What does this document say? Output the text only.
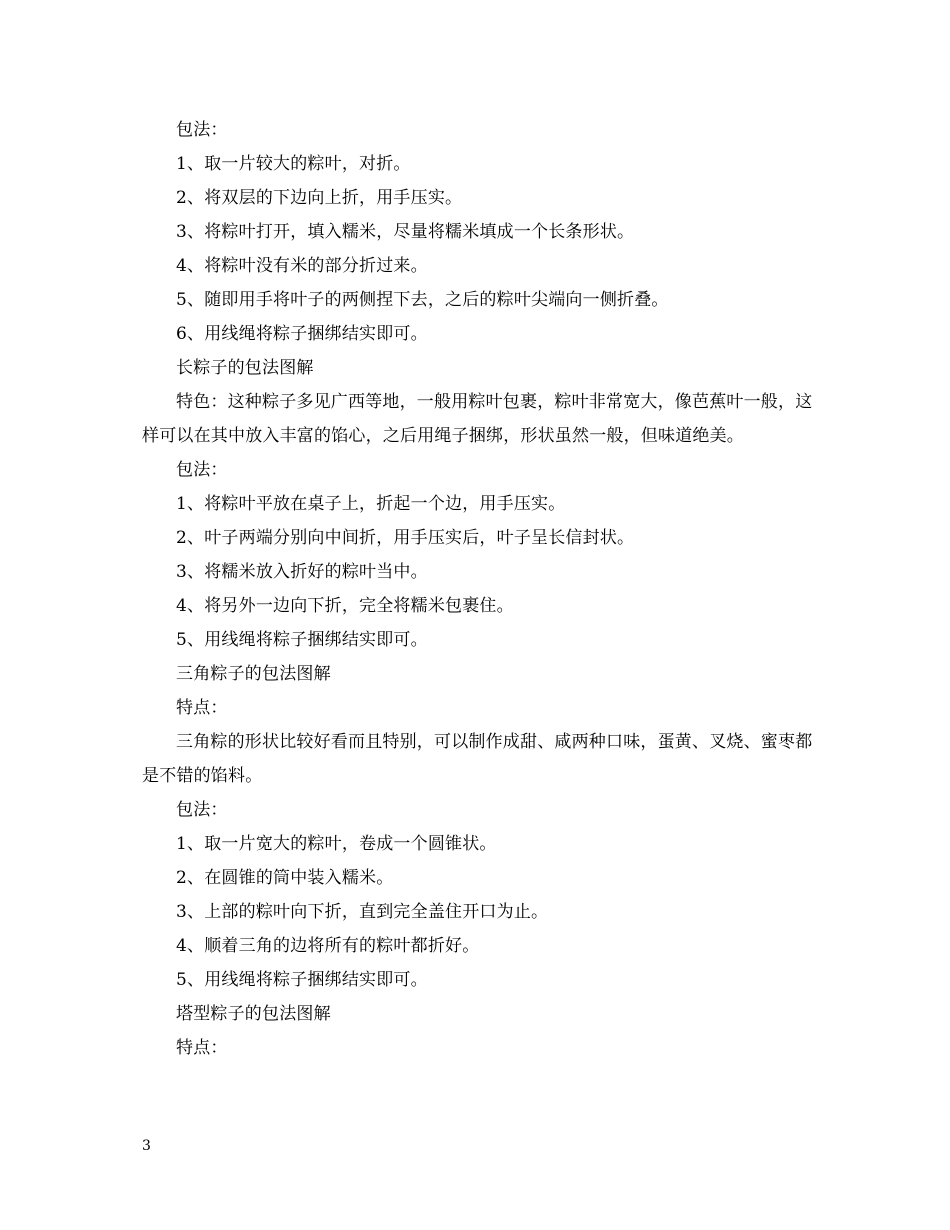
包法：

1、取一片较大的粽叶，对折。

2、将双层的下边向上折，用手压实。

3、将粽叶打开，填入糯米，尽量将糯米填成一个长条形状。

4、将粽叶没有米的部分折过来。

5、随即用手将叶子的两侧捏下去，之后的粽叶尖端向一侧折叠。

6、用线绳将粽子捆绑结实即可。

长粽子的包法图解

特色：这种粽子多见广西等地，一般用粽叶包裹，粽叶非常宽大，像芭蕉叶一般，这样可以在其中放入丰富的馅心，之后用绳子捆绑，形状虽然一般，但味道绝美。

包法：

1、将粽叶平放在桌子上，折起一个边，用手压实。

2、叶子两端分别向中间折，用手压实后，叶子呈长信封状。

3、将糯米放入折好的粽叶当中。

4、将另外一边向下折，完全将糯米包裹住。

5、用线绳将粽子捆绑结实即可。

三角粽子的包法图解

特点：

三角粽的形状比较好看而且特别，可以制作成甜、咸两种口味，蛋黄、叉烧、蜜枣都是不错的馅料。

包法：

1、取一片宽大的粽叶，卷成一个圆锥状。

2、在圆锥的筒中装入糯米。

3、上部的粽叶向下折，直到完全盖住开口为止。

4、顺着三角的边将所有的粽叶都折好。

5、用线绳将粽子捆绑结实即可。

塔型粽子的包法图解

特点：

3
